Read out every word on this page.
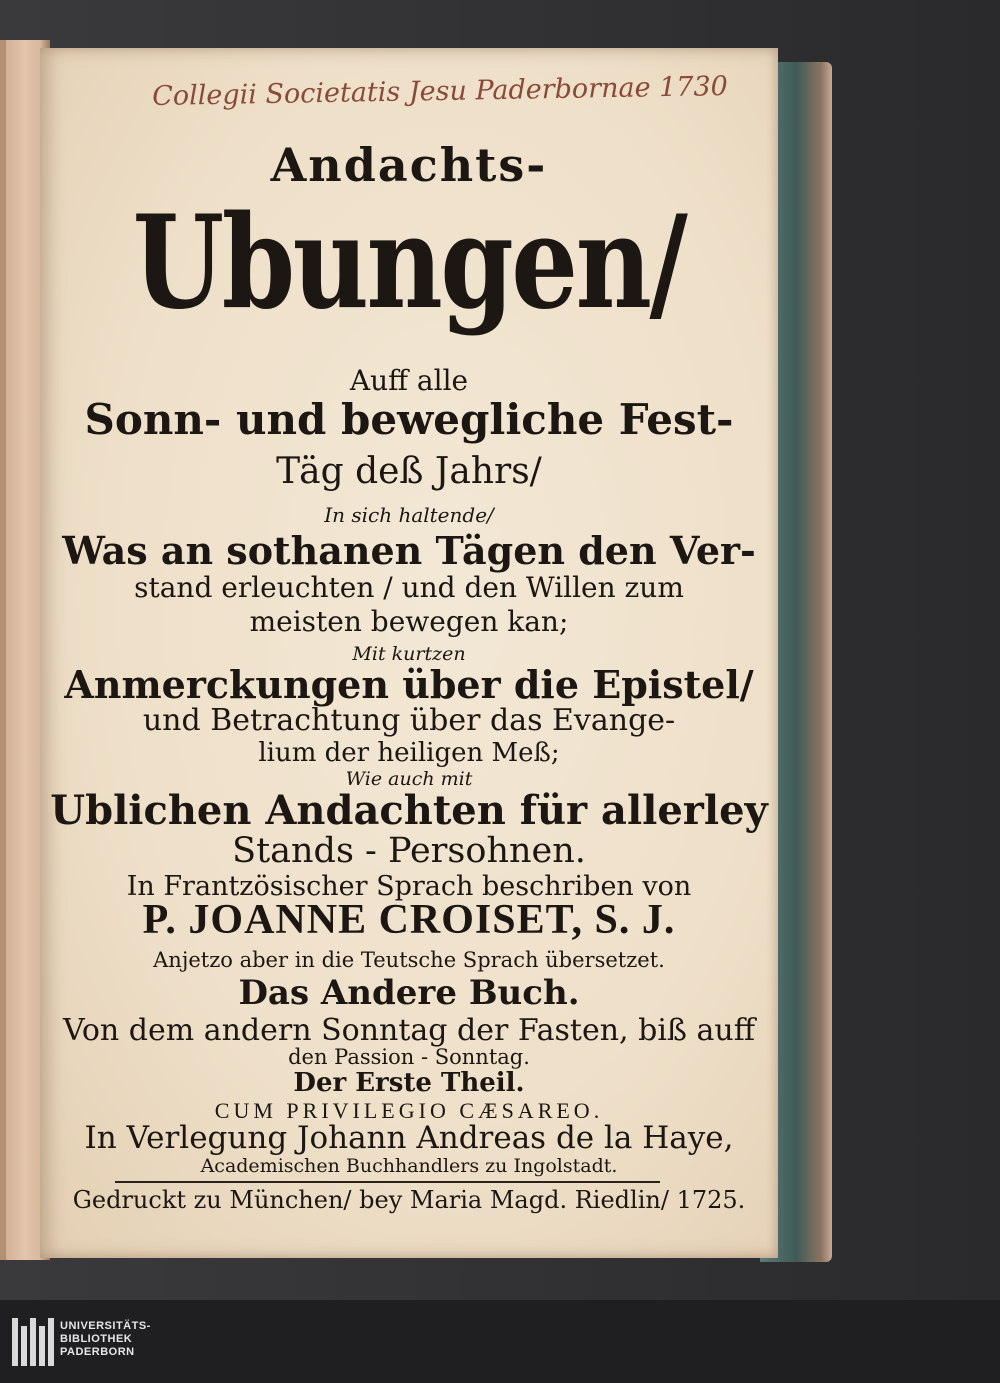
Collegii Societatis Jesu Paderbornae 1730
Andachts-
Ubungen/
Auff alle
Sonn- und bewegliche Fest-
Täg deß Jahrs/
In sich haltende/
Was an sothanen Tägen den Ver-
stand erleuchten / und den Willen zum
meisten bewegen kan;
Mit kurtzen
Anmerckungen über die Epistel/
und Betrachtung über das Evange-
lium der heiligen Meß;
Wie auch mit
Ublichen Andachten für allerley
Stands - Persohnen.
In Frantzösischer Sprach beschriben von
P. JOANNE CROISET, S. J.
Anjetzo aber in die Teutsche Sprach übersetzet.
Das Andere Buch.
Von dem andern Sonntag der Fasten, biß auff
den Passion - Sonntag.
Der Erste Theil.
CUM PRIVILEGIO CÆSAREO.
In Verlegung Johann Andreas de la Haye,
Academischen Buchhandlers zu Ingolstadt.
Gedruckt zu München/ bey Maria Magd. Riedlin/ 1725.
UNIVERSITÄTS-
BIBLIOTHEK
PADERBORN
